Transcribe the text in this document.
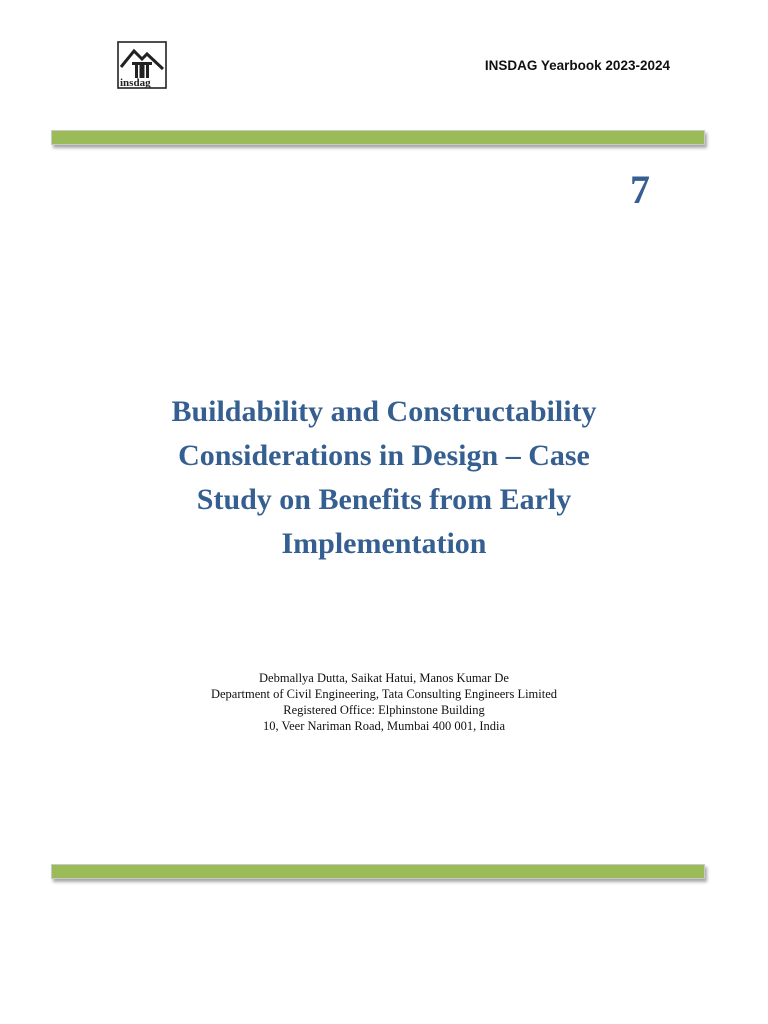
insdag
INSDAG Yearbook 2023-2024
7
Buildability and Constructability
Considerations in Design – Case
Study on Benefits from Early
Implementation
Debmallya Dutta, Saikat Hatui, Manos Kumar De
Department of Civil Engineering, Tata Consulting Engineers Limited
Registered Office: Elphinstone Building
10, Veer Nariman Road, Mumbai 400 001, India
